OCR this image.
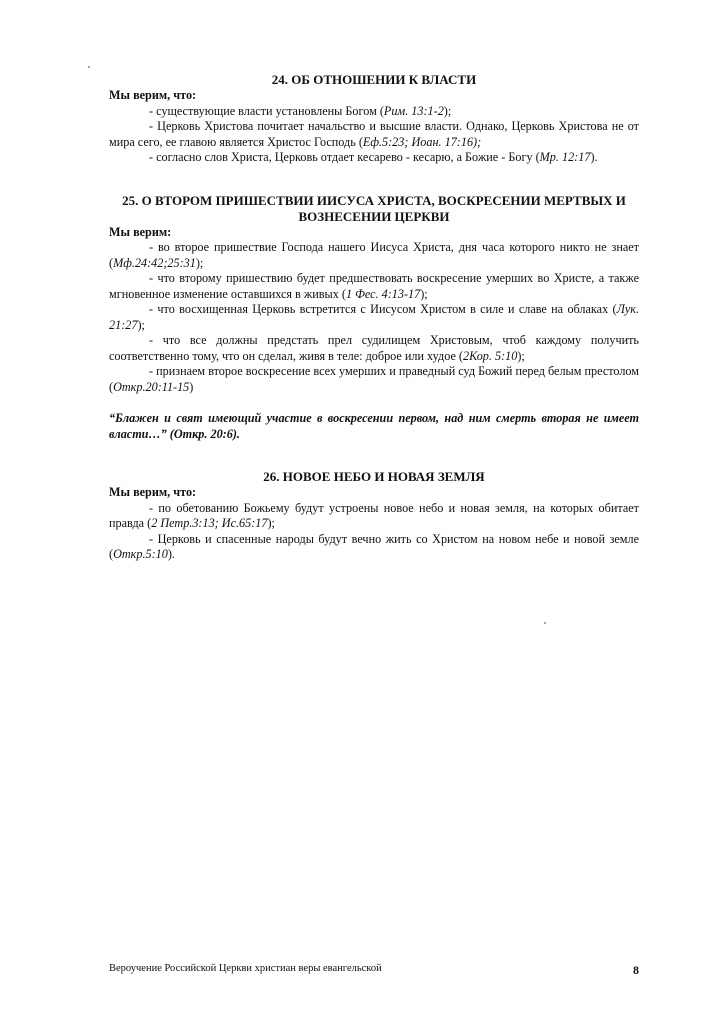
24. ОБ ОТНОШЕНИИ К ВЛАСТИ

Мы верим, что:

- существующие власти установлены Богом (Рим. 13:1-2);

- Церковь Христова почитает начальство и высшие власти. Однако, Церковь Христова не от мира сего, ее главою является Христос Господь (Еф.5:23; Иоан. 17:16);

- согласно слов Христа, Церковь отдает кесарево - кесарю, а Божие - Богу (Мр. 12:17).

25. О ВТОРОМ ПРИШЕСТВИИ ИИСУСА ХРИСТА, ВОСКРЕСЕНИИ МЕРТВЫХ И ВОЗНЕСЕНИИ ЦЕРКВИ

Мы верим:

- во второе пришествие Господа нашего Иисуса Христа, дня часа которого никто не знает (Мф.24:42;25:31);

- что второму пришествию будет предшествовать воскресение умерших во Христе, а также мгновенное изменение оставшихся в живых (1 Фес. 4:13-17);

- что восхищенная Церковь встретится с Иисусом Христом в силе и славе на облаках (Лук. 21:27);

- что все должны предстать прел судилищем Христовым, чтоб каждому получить соответственно тому, что он сделал, живя в теле: доброе или худое (2Кор. 5:10);

- признаем второе воскресение всех умерших и праведный суд Божий перед белым престолом (Откр.20:11-15)

“Блажен и свят имеющий участие в воскресении первом, над ним смерть вторая не имеет власти…” (Откр. 20:6).

26. НОВОЕ НЕБО И НОВАЯ ЗЕМЛЯ

Мы верим, что:

- по обетованию Божьему будут устроены новое небо и новая земля, на которых обитает правда (2 Петр.3:13; Ис.65:17);

- Церковь и спасенные народы будут вечно жить со Христом на новом небе и новой земле (Откр.5:10).

Вероучение Российской Церкви христиан веры евангельской	8
